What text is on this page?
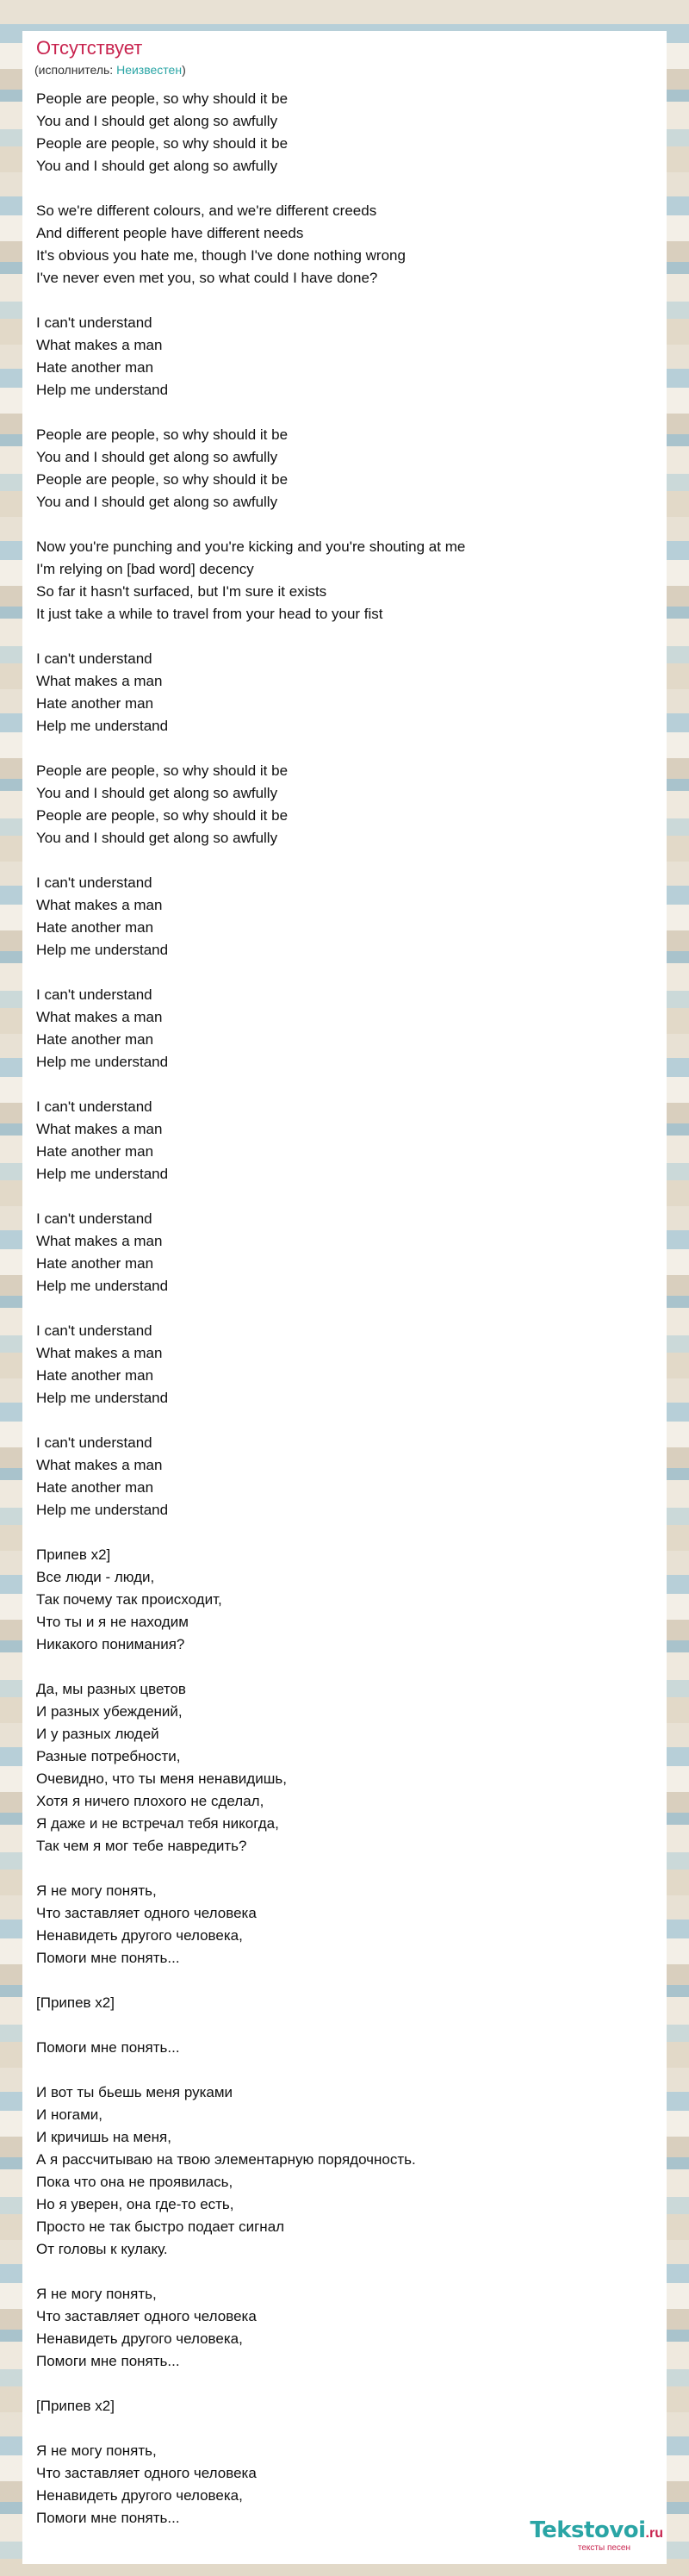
Отсутствует
(исполнитель: Неизвестен)
People are people, so why should it be
You and I should get along so awfully
People are people, so why should it be
You and I should get along so awfully
So we're different colours, and we're different creeds
And different people have different needs
It's obvious you hate me, though I've done nothing wrong
I've never even met you, so what could I have done?
I can't understand
What makes a man
Hate another man
Help me understand
People are people, so why should it be
You and I should get along so awfully
People are people, so why should it be
You and I should get along so awfully
Now you're punching and you're kicking and you're shouting at me
I'm relying on [bad word] decency
So far it hasn't surfaced, but I'm sure it exists
It just take a while to travel from your head to your fist
I can't understand
What makes a man
Hate another man
Help me understand
People are people, so why should it be
You and I should get along so awfully
People are people, so why should it be
You and I should get along so awfully
I can't understand
What makes a man
Hate another man
Help me understand
I can't understand
What makes a man
Hate another man
Help me understand
I can't understand
What makes a man
Hate another man
Help me understand
I can't understand
What makes a man
Hate another man
Help me understand
I can't understand
What makes a man
Hate another man
Help me understand
I can't understand
What makes a man
Hate another man
Help me understand
Припев x2]
Все люди - люди,
Так почему так происходит,
Что ты и я не находим
Никакого понимания?
Да, мы разных цветов
И разных убеждений,
И у разных людей
Разные потребности,
Очевидно, что ты меня ненавидишь,
Хотя я ничего плохого не сделал,
Я даже и не встречал тебя никогда,
Так чем я мог тебе навредить?
Я не могу понять,
Что заставляет одного человека
Ненавидеть другого человека,
Помоги мне понять...
[Припев x2]
Помоги мне понять...
И вот ты бьешь меня руками
И ногами,
И кричишь на меня,
А я рассчитываю на твою элементарную порядочность.
Пока что она не проявилась,
Но я уверен, она где-то есть,
Просто не так быстро подает сигнал
От головы к кулаку.
Я не могу понять,
Что заставляет одного человека
Ненавидеть другого человека,
Помоги мне понять...
[Припев x2]
Я не могу понять,
Что заставляет одного человека
Ненавидеть другого человека,
Помоги мне понять...	Tekstovoi.ru
тексты песен
